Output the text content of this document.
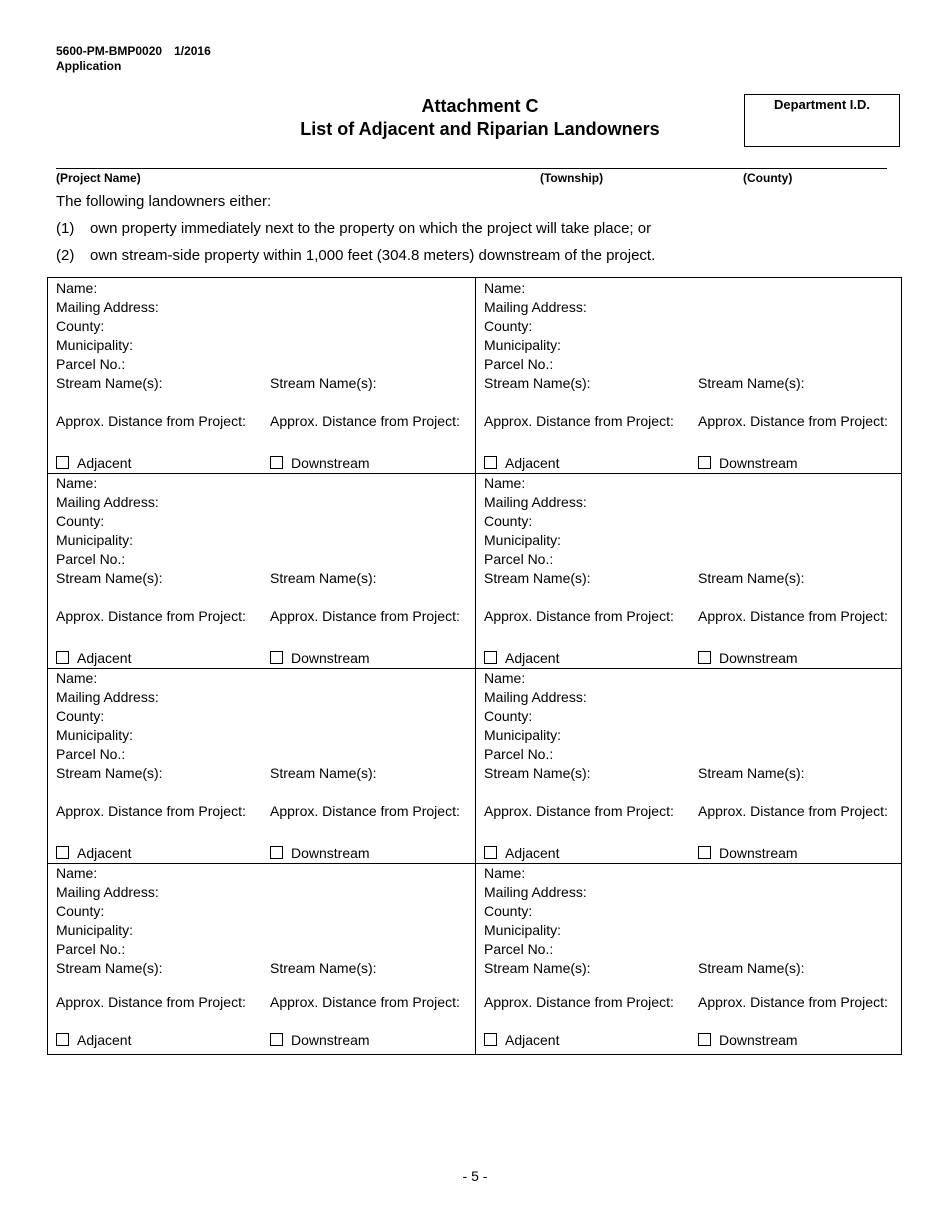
5600-PM-BMP0020 1/2016
Application
Attachment C
List of Adjacent and Riparian Landowners
Department I.D.
(Project Name)	(Township)	(County)
The following landowners either:
(1) own property immediately next to the property on which the project will take place; or
(2) own stream-side property within 1,000 feet (304.8 meters) downstream of the project.
Name:
Mailing Address:
County:
Municipality:
Parcel No.:
Stream Name(s):	Stream Name(s):
Approx. Distance from Project: Approx. Distance from Project:
Adjacent	Downstream
Name:
Mailing Address:
County:
Municipality:
Parcel No.:
Stream Name(s):	Stream Name(s):
Approx. Distance from Project: Approx. Distance from Project:
Adjacent	Downstream
Name:
Mailing Address:
County:
Municipality:
Parcel No.:
Stream Name(s):	Stream Name(s):
Approx. Distance from Project: Approx. Distance from Project:
Adjacent	Downstream
Name:
Mailing Address:
County:
Municipality:
Parcel No.:
Stream Name(s):	Stream Name(s):
Approx. Distance from Project: Approx. Distance from Project:
Adjacent	Downstream
Name:
Mailing Address:
County:
Municipality:
Parcel No.:
Stream Name(s):	Stream Name(s):
Approx. Distance from Project: Approx. Distance from Project:
Adjacent	Downstream
Name:
Mailing Address:
County:
Municipality:
Parcel No.:
Stream Name(s):	Stream Name(s):
Approx. Distance from Project: Approx. Distance from Project:
Adjacent	Downstream
Name:
Mailing Address:
County:
Municipality:
Parcel No.:
Stream Name(s):	Stream Name(s):
Approx. Distance from Project: Approx. Distance from Project:
Adjacent	Downstream
Name:
Mailing Address:
County:
Municipality:
Parcel No.:
Stream Name(s):	Stream Name(s):
Approx. Distance from Project: Approx. Distance from Project:
Adjacent	Downstream
- 5 -
